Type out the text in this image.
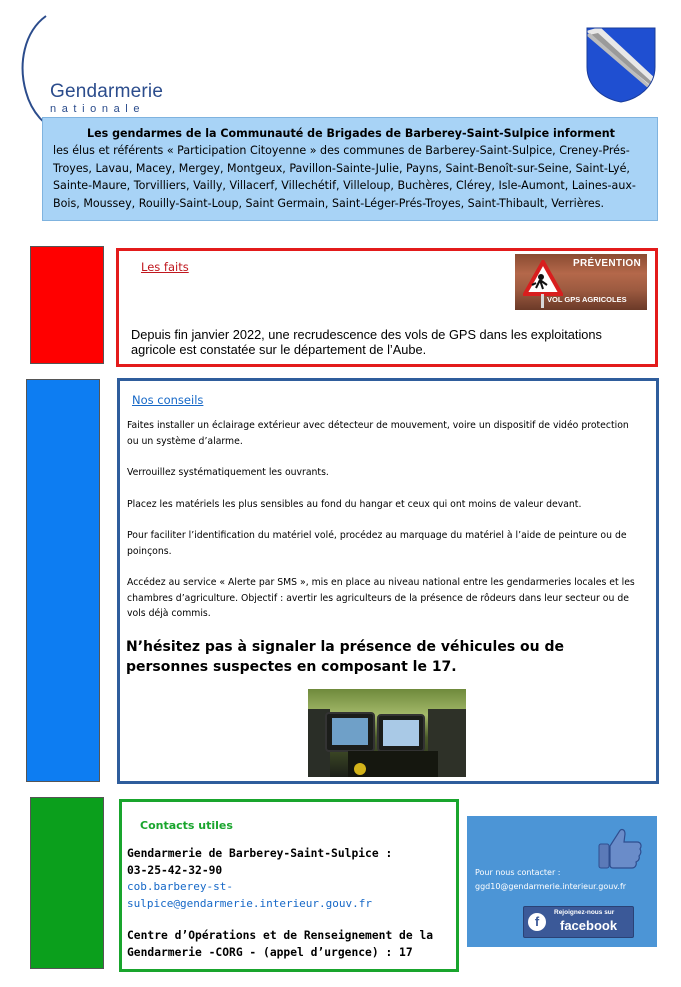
Gendarmerie
nationale
Les gendarmes de la Communauté de Brigades de Barberey-Saint-Sulpice informent
les élus et référents « Participation Citoyenne » des communes de Barberey-Saint-Sulpice, Creney-Prés-Troyes, Lavau, Macey, Mergey, Montgeux, Pavillon-Sainte-Julie, Payns, Saint-Benoît-sur-Seine, Saint-Lyé, Sainte-Maure, Torvilliers, Vailly, Villacerf, Villechétif, Villeloup, Buchères, Clérey, Isle-Aumont, Laines-aux-Bois, Moussey, Rouilly-Saint-Loup, Saint Germain, Saint-Léger-Prés-Troyes, Saint-Thibault, Verrières.
Les faits	PRÉVENTION
VOL GPS AGRICOLES
Depuis fin janvier 2022, une recrudescence des vols de GPS dans les exploitations agricole est constatée sur le département de l’Aube.
Nos conseils
Faites installer un éclairage extérieur avec détecteur de mouvement, voire un dispositif de vidéo protection ou un système d’alarme.
Verrouillez systématiquement les ouvrants.
Placez les matériels les plus sensibles au fond du hangar et ceux qui ont moins de valeur devant.
Pour faciliter l’identification du matériel volé, procédez au marquage du matériel à l’aide de peinture ou de poinçons.
Accédez au service « Alerte par SMS », mis en place au niveau national entre les gendarmeries locales et les chambres d’agriculture. Objectif : avertir les agriculteurs de la présence de rôdeurs dans leur secteur ou de vols déjà commis.
N’hésitez pas à signaler la présence de véhicules ou de personnes suspectes en composant le 17.
Contacts utiles
Gendarmerie de Barberey-Saint-Sulpice :
03-25-42-32-90
cob.barberey-st-sulpice@gendarmerie.interieur.gouv.fr
Centre d’Opérations et de Renseignement de la Gendarmerie -CORG - (appel d’urgence) : 17
Pour nous contacter :
ggd10@gendarmerie.interieur.gouv.fr
f
Rejoignez-nous sur
facebook
